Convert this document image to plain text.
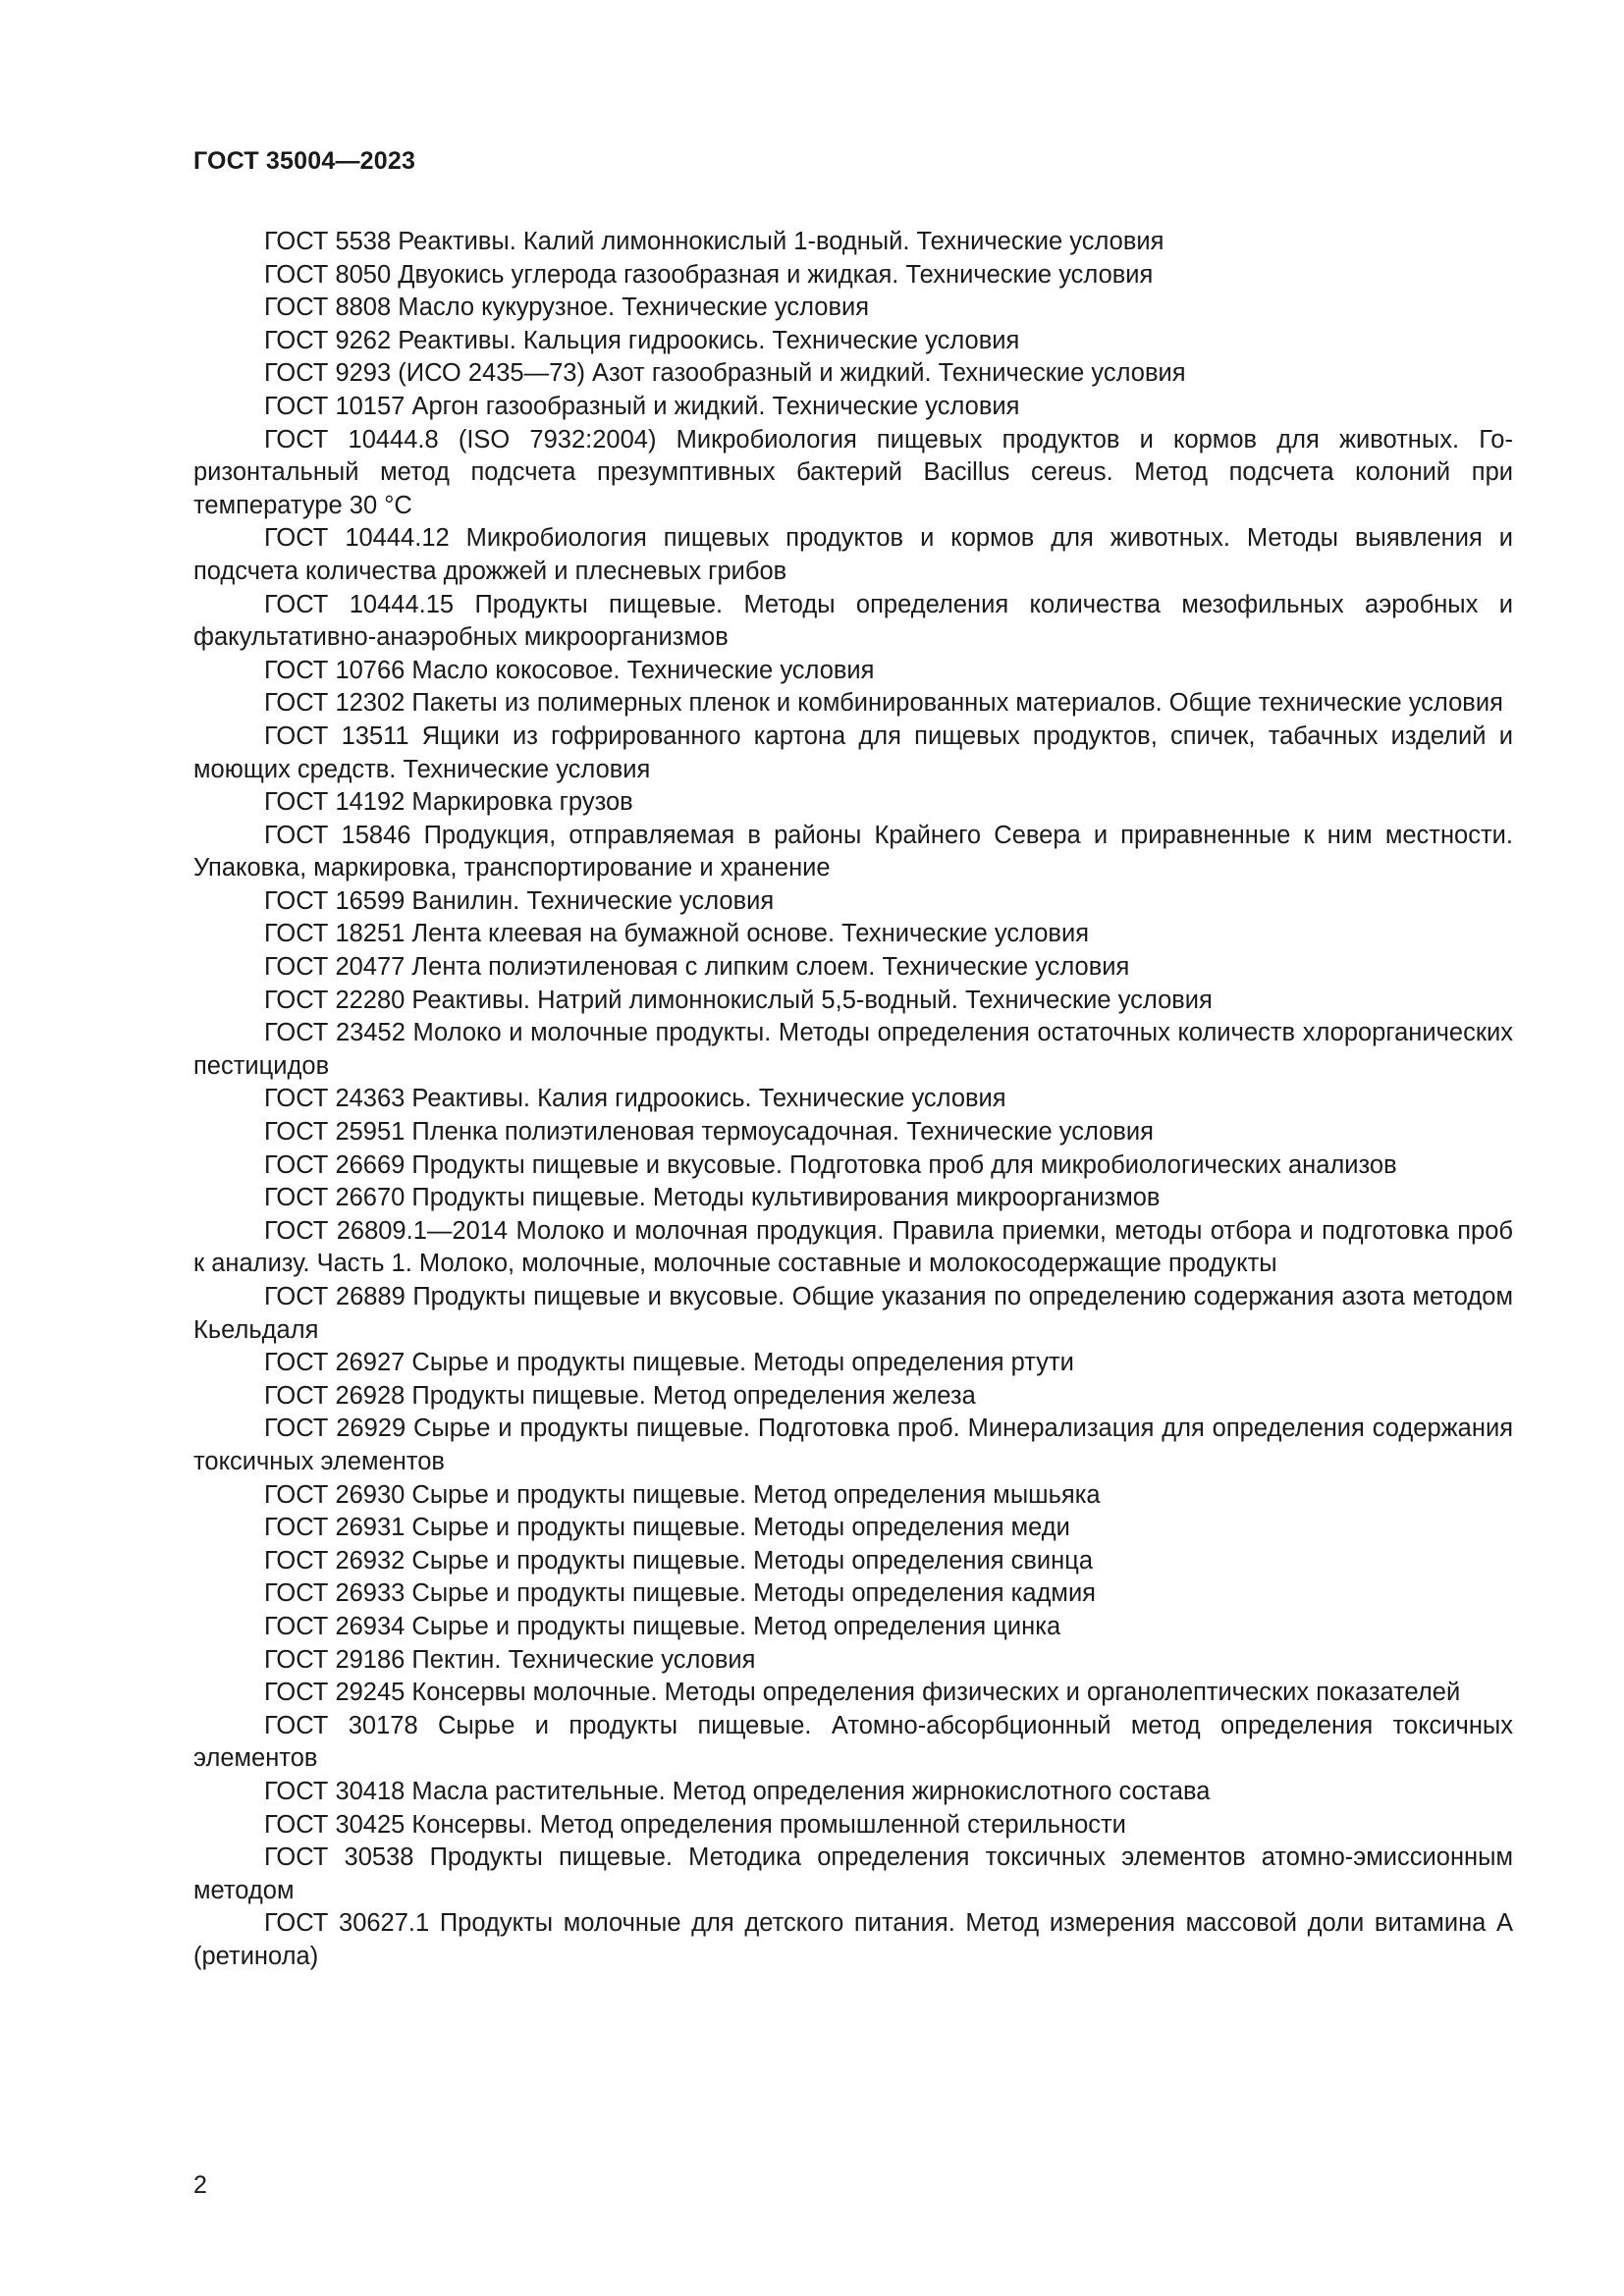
ГОСТ 35004—2023

ГОСТ 5538 Реактивы. Калий лимоннокислый 1-водный. Технические условия

ГОСТ 8050 Двуокись углерода газообразная и жидкая. Технические условия

ГОСТ 8808 Масло кукурузное. Технические условия

ГОСТ 9262 Реактивы. Кальция гидроокись. Технические условия

ГОСТ 9293 (ИСО 2435—73) Азот газообразный и жидкий. Технические условия

ГОСТ 10157 Аргон газообразный и жидкий. Технические условия

ГОСТ 10444.8 (ISO 7932:2004) Микробиология пищевых продуктов и кормов для животных. Горизонтальный метод подсчета презумптивных бактерий Bacillus cereus. Метод подсчета колоний при температуре 30 °С

ГОСТ 10444.12 Микробиология пищевых продуктов и кормов для животных. Методы выявления и подсчета количества дрожжей и плесневых грибов

ГОСТ 10444.15 Продукты пищевые. Методы определения количества мезофильных аэробных и факультативно-анаэробных микроорганизмов

ГОСТ 10766 Масло кокосовое. Технические условия

ГОСТ 12302 Пакеты из полимерных пленок и комбинированных материалов. Общие технические условия

ГОСТ 13511 Ящики из гофрированного картона для пищевых продуктов, спичек, табачных изделий и моющих средств. Технические условия

ГОСТ 14192 Маркировка грузов

ГОСТ 15846 Продукция, отправляемая в районы Крайнего Севера и приравненные к ним местности. Упаковка, маркировка, транспортирование и хранение

ГОСТ 16599 Ванилин. Технические условия

ГОСТ 18251 Лента клеевая на бумажной основе. Технические условия

ГОСТ 20477 Лента полиэтиленовая с липким слоем. Технические условия

ГОСТ 22280 Реактивы. Натрий лимоннокислый 5,5-водный. Технические условия

ГОСТ 23452 Молоко и молочные продукты. Методы определения остаточных количеств хлорорганических пестицидов

ГОСТ 24363 Реактивы. Калия гидроокись. Технические условия

ГОСТ 25951 Пленка полиэтиленовая термоусадочная. Технические условия

ГОСТ 26669 Продукты пищевые и вкусовые. Подготовка проб для микробиологических анализов

ГОСТ 26670 Продукты пищевые. Методы культивирования микроорганизмов

ГОСТ 26809.1—2014 Молоко и молочная продукция. Правила приемки, методы отбора и подготовка проб к анализу. Часть 1. Молоко, молочные, молочные составные и молокосодержащие продукты

ГОСТ 26889 Продукты пищевые и вкусовые. Общие указания по определению содержания азота методом Кьельдаля

ГОСТ 26927 Сырье и продукты пищевые. Методы определения ртути

ГОСТ 26928 Продукты пищевые. Метод определения железа

ГОСТ 26929 Сырье и продукты пищевые. Подготовка проб. Минерализация для определения содержания токсичных элементов

ГОСТ 26930 Сырье и продукты пищевые. Метод определения мышьяка

ГОСТ 26931 Сырье и продукты пищевые. Методы определения меди

ГОСТ 26932 Сырье и продукты пищевые. Методы определения свинца

ГОСТ 26933 Сырье и продукты пищевые. Методы определения кадмия

ГОСТ 26934 Сырье и продукты пищевые. Метод определения цинка

ГОСТ 29186 Пектин. Технические условия

ГОСТ 29245 Консервы молочные. Методы определения физических и органолептических показателей

ГОСТ 30178 Сырье и продукты пищевые. Атомно-абсорбционный метод определения токсичных элементов

ГОСТ 30418 Масла растительные. Метод определения жирнокислотного состава

ГОСТ 30425 Консервы. Метод определения промышленной стерильности

ГОСТ 30538 Продукты пищевые. Методика определения токсичных элементов атомно-эмиссионным методом

ГОСТ 30627.1 Продукты молочные для детского питания. Метод измерения массовой доли витамина А (ретинола)

2
